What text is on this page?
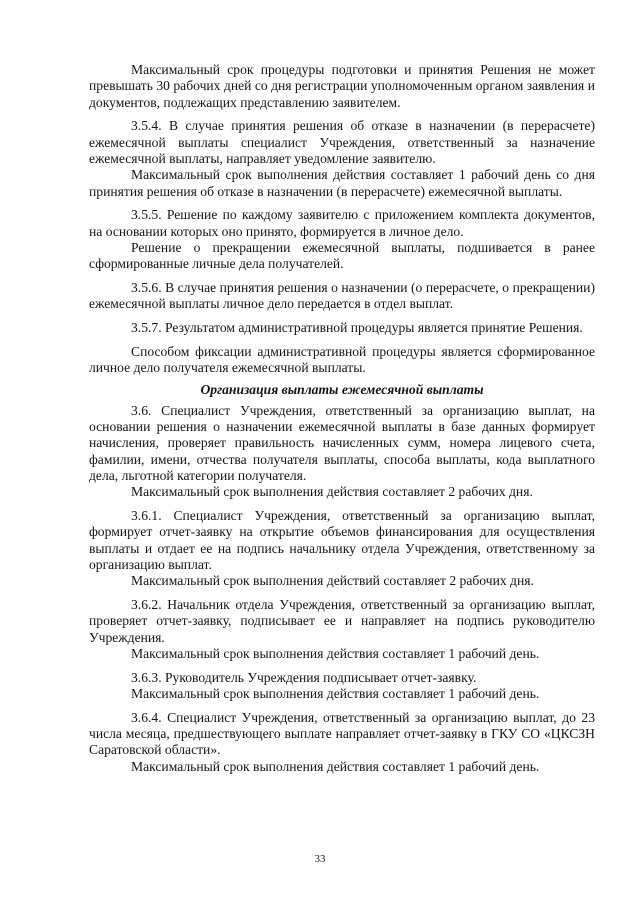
Максимальный срок процедуры подготовки и принятия Решения не может превышать 30 рабочих дней со дня регистрации уполномоченным органом заявления и документов, подлежащих представлению заявителем.

3.5.4. В случае принятия решения об отказе в назначении (в перерасчете) ежемесячной выплаты специалист Учреждения, ответственный за назначение ежемесячной выплаты, направляет уведомление заявителю.

Максимальный срок выполнения действия составляет 1 рабочий день со дня принятия решения об отказе в назначении (в перерасчете) ежемесячной выплаты.

3.5.5. Решение по каждому заявителю с приложением комплекта документов, на основании которых оно принято, формируется в личное дело.

Решение о прекращении ежемесячной выплаты, подшивается в ранее сформированные личные дела получателей.

3.5.6. В случае принятия решения о назначении (о перерасчете, о прекращении) ежемесячной выплаты личное дело передается в отдел выплат.

3.5.7. Результатом административной процедуры является принятие Решения.

Способом фиксации административной процедуры является сформированное личное дело получателя ежемесячной выплаты.

Организация выплаты ежемесячной выплаты

3.6. Специалист Учреждения, ответственный за организацию выплат, на основании решения о назначении ежемесячной выплаты в базе данных формирует начисления, проверяет правильность начисленных сумм, номера лицевого счета, фамилии, имени, отчества получателя выплаты, способа выплаты, кода выплатного дела, льготной категории получателя.

Максимальный срок выполнения действия составляет 2 рабочих дня.

3.6.1. Специалист Учреждения, ответственный за организацию выплат, формирует отчет-заявку на открытие объемов финансирования для осуществления выплаты и отдает ее на подпись начальнику отдела Учреждения, ответственному за организацию выплат.

Максимальный срок выполнения действий составляет 2 рабочих дня.

3.6.2. Начальник отдела Учреждения, ответственный за организацию выплат, проверяет отчет-заявку, подписывает ее и направляет на подпись руководителю Учреждения.

Максимальный срок выполнения действия составляет 1 рабочий день.

3.6.3. Руководитель Учреждения подписывает отчет-заявку.

Максимальный срок выполнения действия составляет 1 рабочий день.

3.6.4. Специалист Учреждения, ответственный за организацию выплат, до 23 числа месяца, предшествующего выплате направляет отчет-заявку в ГКУ СО «ЦКСЗН Саратовской области».

Максимальный срок выполнения действия составляет 1 рабочий день.

33
